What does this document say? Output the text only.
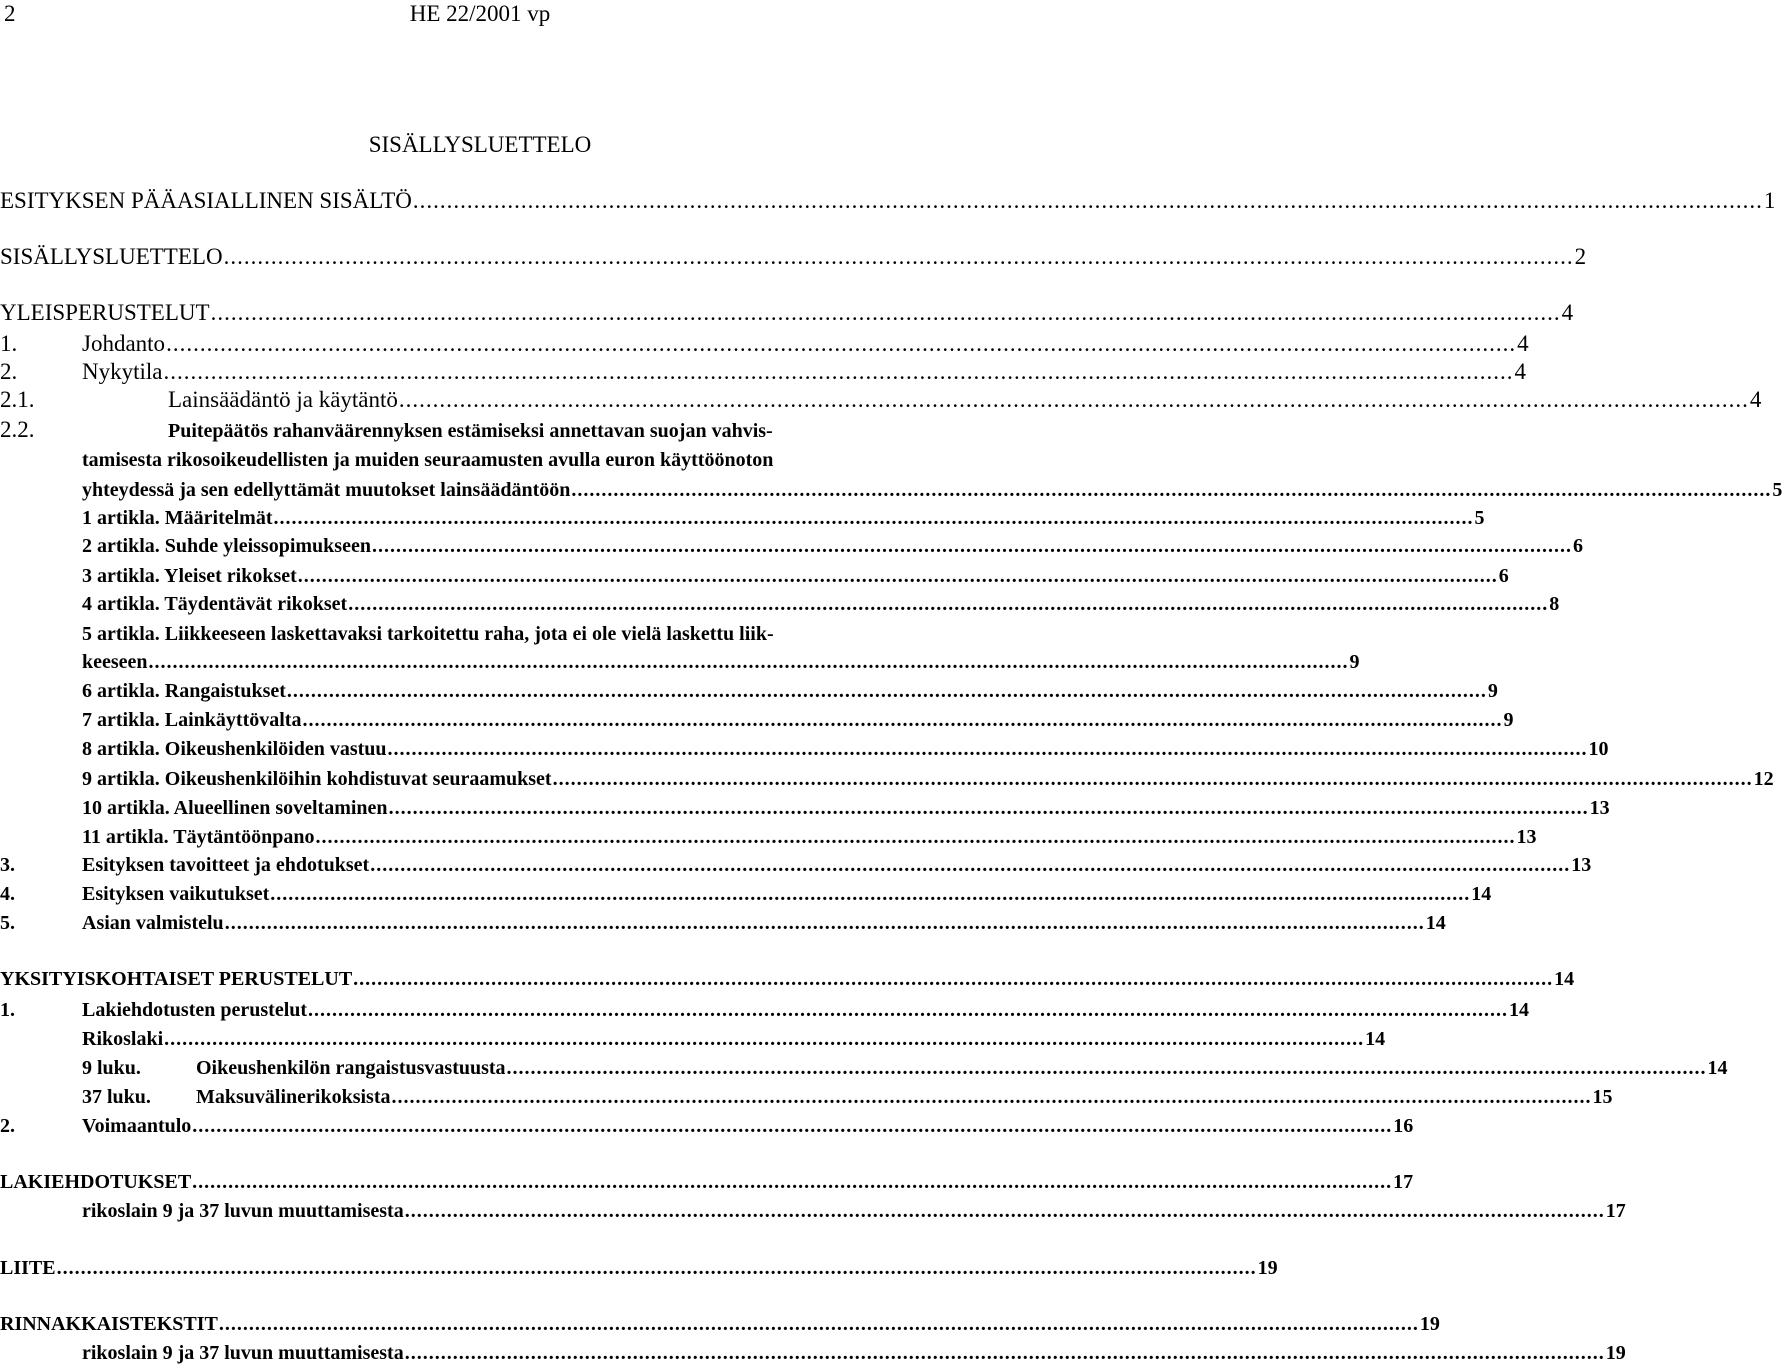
2	HE 22/2001 vp
SISÄLLYSLUETTELO
ESITYKSEN PÄÄASIALLINEN SISÄLTÖ .....	1
SISÄLLYSLUETTELO .....	2
YLEISPERUSTELUT .....	4
1.	Johdanto .....	4
2.	Nykytila .....	4
2.1.	Lainsäädäntö ja käytäntö .....	4
2.2.	Puitepäätös rahanväärennyksen estämiseksi annettavan suojan vahvis-
tamisesta rikosoikeudellisten ja muiden seuraamusten avulla euron käyttöönoton
yhteydessä ja sen edellyttämät muutokset lainsäädäntöön .....	5
1 artikla. Määritelmät .....	5
2 artikla. Suhde yleissopimukseen .....	6
3 artikla. Yleiset rikokset .....	6
4 artikla. Täydentävät rikokset .....	8
5 artikla. Liikkeeseen laskettavaksi tarkoitettu raha, jota ei ole vielä laskettu liik-
keeseen .....	9
6 artikla. Rangaistukset .....	9
7 artikla. Lainkäyttövalta .....	9
8 artikla. Oikeushenkilöiden vastuu .....	10
9 artikla. Oikeushenkilöihin kohdistuvat seuraamukset .....	12
10 artikla. Alueellinen soveltaminen .....	13
11 artikla. Täytäntöönpano .....	13
3.	Esityksen tavoitteet ja ehdotukset .....	13
4.	Esityksen vaikutukset .....	14
5.	Asian valmistelu .....	14
YKSITYISKOHTAISET PERUSTELUT .....	14
1.	Lakiehdotusten perustelut .....	14
Rikoslaki .....	14
9 luku.	Oikeushenkilön rangaistusvastuusta .....	14
37 luku.	Maksuvälinerikoksista .....	15
2.	Voimaantulo .....	16
LAKIEHDOTUKSET .....	17
rikoslain 9 ja 37 luvun muuttamisesta .....	17
LIITE .....	19
RINNAKKAISTEKSTIT .....	19
rikoslain 9 ja 37 luvun muuttamisesta .....	19
